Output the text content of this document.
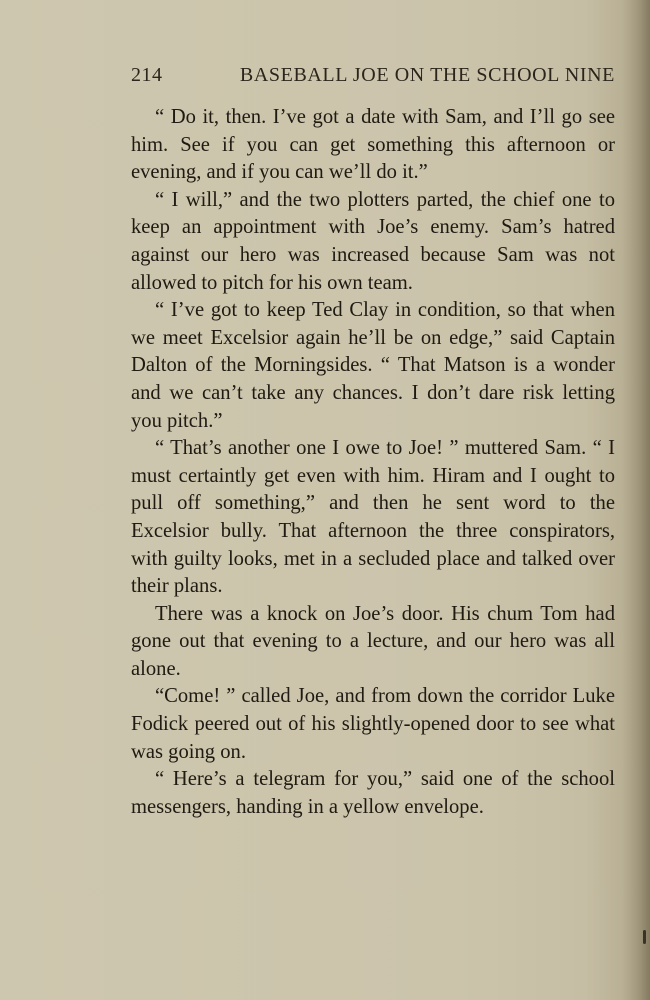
214	BASEBALL JOE ON THE SCHOOL NINE

“ Do it, then. I’ve got a date with Sam, and I’ll go see him. See if you can get something this afternoon or evening, and if you can we’ll do it.”

“ I will,” and the two plotters parted, the chief one to keep an appointment with Joe’s enemy. Sam’s hatred against our hero was increased because Sam was not allowed to pitch for his own team.

“ I’ve got to keep Ted Clay in condition, so that when we meet Excelsior again he’ll be on edge,” said Captain Dalton of the Morningsides. “ That Matson is a wonder and we can’t take any chances. I don’t dare risk letting you pitch.”

“ That’s another one I owe to Joe! ” muttered Sam. “ I must certaintly get even with him. Hiram and I ought to pull off something,” and then he sent word to the Excelsior bully. That afternoon the three conspirators, with guilty looks, met in a secluded place and talked over their plans.

There was a knock on Joe’s door. His chum Tom had gone out that evening to a lecture, and our hero was all alone.

“Come! ” called Joe, and from down the corridor Luke Fodick peered out of his slightly-opened door to see what was going on.

“ Here’s a telegram for you,” said one of the school messengers, handing in a yellow envelope.
